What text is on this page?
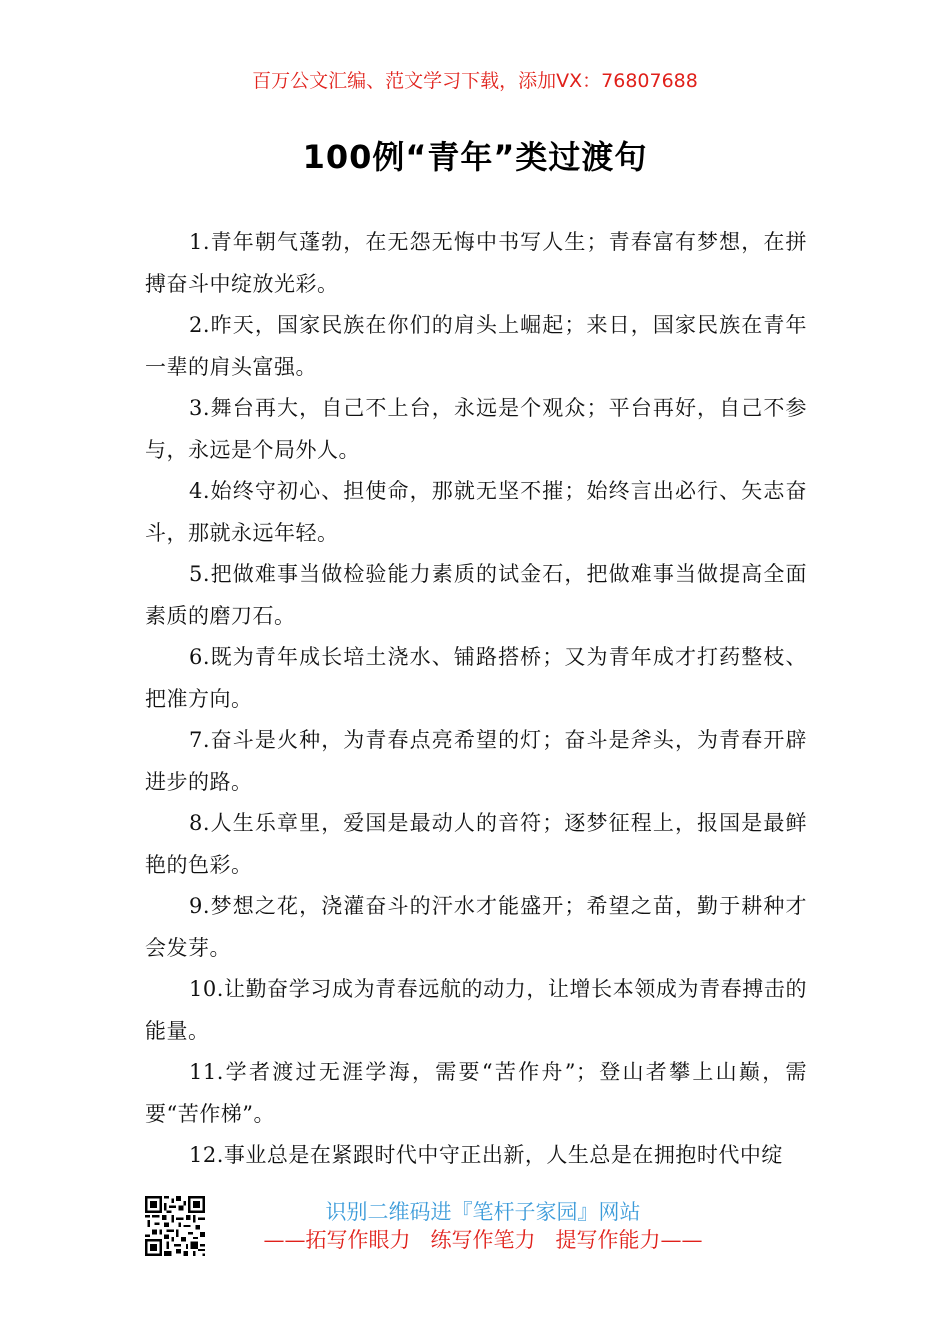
百万公文汇编、范文学习下载，添加VX：76807688
100例“青年”类过渡句

1.青年朝气蓬勃，在无怨无悔中书写人生；青春富有梦想，在拼搏奋斗中绽放光彩。

2.昨天，国家民族在你们的肩头上崛起；来日，国家民族在青年一辈的肩头富强。

3.舞台再大，自己不上台，永远是个观众；平台再好，自己不参与，永远是个局外人。

4.始终守初心、担使命，那就无坚不摧；始终言出必行、矢志奋斗，那就永远年轻。

5.把做难事当做检验能力素质的试金石，把做难事当做提高全面素质的磨刀石。

6.既为青年成长培土浇水、铺路搭桥；又为青年成才打药整枝、把准方向。

7.奋斗是火种，为青春点亮希望的灯；奋斗是斧头，为青春开辟进步的路。

8.人生乐章里，爱国是最动人的音符；逐梦征程上，报国是最鲜艳的色彩。

9.梦想之花，浇灌奋斗的汗水才能盛开；希望之苗，勤于耕种才会发芽。

10.让勤奋学习成为青春远航的动力，让增长本领成为青春搏击的能量。

11.学者渡过无涯学海，需要“苦作舟”；登山者攀上山巅，需要“苦作梯”。

12.事业总是在紧跟时代中守正出新，人生总是在拥抱时代中绽

识别二维码进『笔杆子家园』网站
——拓写作眼力   练写作笔力   提写作能力——
